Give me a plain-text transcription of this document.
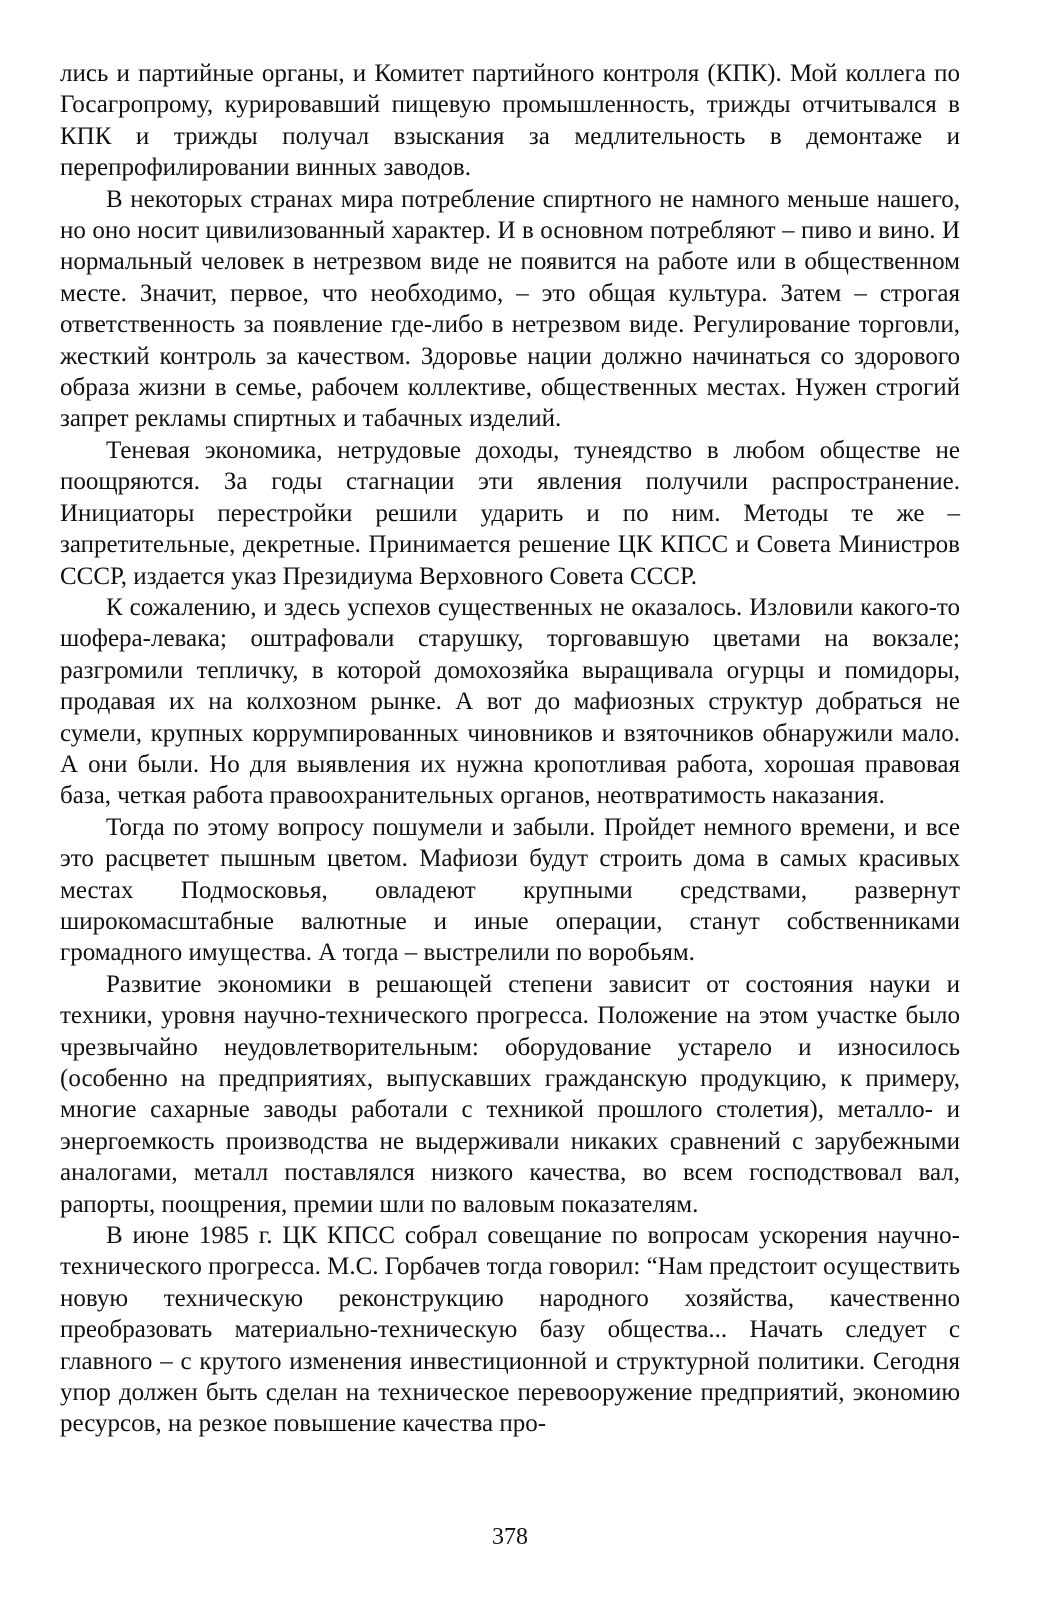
лись и партийные органы, и Комитет партийного контроля (КПК). Мой коллега по Госагропрому, курировавший пищевую промышленность, трижды отчитывался в КПК и трижды получал взыскания за медлительность в демонтаже и перепрофилировании винных заводов.

В некоторых странах мира потребление спиртного не намного меньше нашего, но оно носит цивилизованный характер. И в основном потребляют – пиво и вино. И нормальный человек в нетрезвом виде не появится на работе или в общественном месте. Значит, первое, что необходимо, – это общая культура. Затем – строгая ответственность за появление где-либо в нетрезвом виде. Регулирование торговли, жесткий контроль за качеством. Здоровье нации должно начинаться со здорового образа жизни в семье, рабочем коллективе, общественных местах. Нужен строгий запрет рекламы спиртных и табачных изделий.

Теневая экономика, нетрудовые доходы, тунеядство в любом обществе не поощряются. За годы стагнации эти явления получили распространение. Инициаторы перестройки решили ударить и по ним. Методы те же – запретительные, декретные. Принимается решение ЦК КПСС и Совета Министров СССР, издается указ Президиума Верховного Совета СССР.

К сожалению, и здесь успехов существенных не оказалось. Изловили какого-то шофера-левака; оштрафовали старушку, торговавшую цветами на вокзале; разгромили тепличку, в которой домохозяйка выращивала огурцы и помидоры, продавая их на колхозном рынке. А вот до мафиозных структур добраться не сумели, крупных коррумпированных чиновников и взяточников обнаружили мало. А они были. Но для выявления их нужна кропотливая работа, хорошая правовая база, четкая работа правоохранительных органов, неотвратимость наказания.

Тогда по этому вопросу пошумели и забыли. Пройдет немного времени, и все это расцветет пышным цветом. Мафиози будут строить дома в самых красивых местах Подмосковья, овладеют крупными средствами, развернут широкомасштабные валютные и иные операции, станут собственниками громадного имущества. А тогда – выстрелили по воробьям.

Развитие экономики в решающей степени зависит от состояния науки и техники, уровня научно-технического прогресса. Положение на этом участке было чрезвычайно неудовлетворительным: оборудование устарело и износилось (особенно на предприятиях, выпускавших гражданскую продукцию, к примеру, многие сахарные заводы работали с техникой прошлого столетия), металло- и энергоемкость производства не выдерживали никаких сравнений с зарубежными аналогами, металл поставлялся низкого качества, во всем господствовал вал, рапорты, поощрения, премии шли по валовым показателям.

В июне 1985 г. ЦК КПСС собрал совещание по вопросам ускорения научно-технического прогресса. М.С. Горбачев тогда говорил: “Нам предстоит осуществить новую техническую реконструкцию народного хозяйства, качественно преобразовать материально-техническую базу общества... Начать следует с главного – с крутого изменения инвестиционной и структурной политики. Сегодня упор должен быть сделан на техническое перевооружение предприятий, экономию ресурсов, на резкое повышение качества про-

378
